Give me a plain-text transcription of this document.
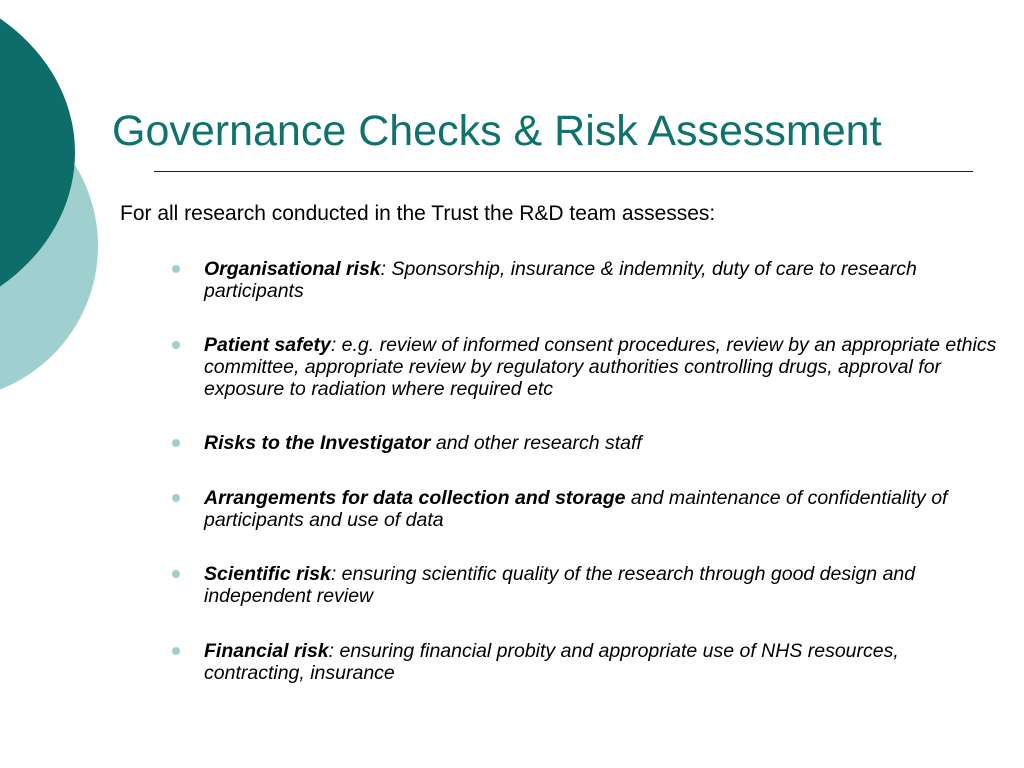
Governance Checks & Risk Assessment
For all research conducted in the Trust the R&D team assesses:
Organisational risk: Sponsorship, insurance & indemnity, duty of care to research participants
Patient safety: e.g. review of informed consent procedures, review by an appropriate ethics committee, appropriate review by regulatory authorities controlling drugs, approval for exposure to radiation where required etc
Risks to the Investigator and other research staff
Arrangements for data collection and storage and maintenance of confidentiality of participants and use of data
Scientific risk: ensuring scientific quality of the research through good design and independent review
Financial risk: ensuring financial probity and appropriate use of NHS resources, contracting, insurance
